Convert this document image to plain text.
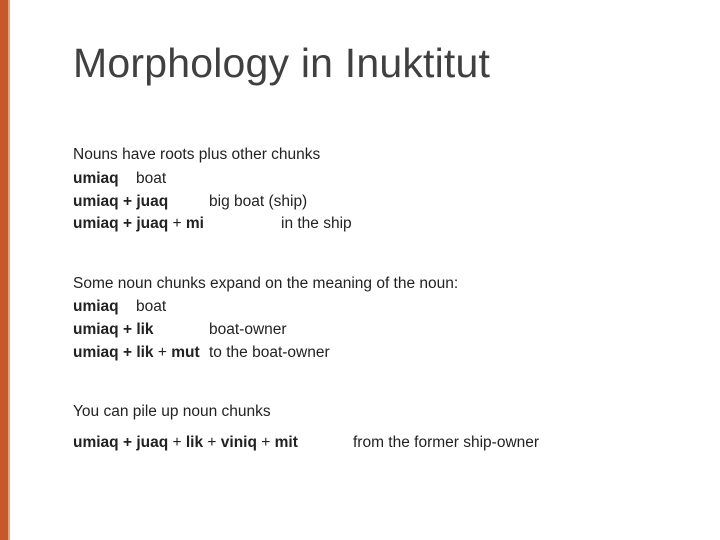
Morphology in Inuktitut
Nouns have roots plus other chunks
umiaq boat
umiaq + juaq	big boat (ship)
umiaq + juaq + mi	in the ship
Some noun chunks expand on the meaning of the noun:
umiaq boat
umiaq + lik	boat-owner
umiaq + lik + mut to the boat-owner
You can pile up noun chunks
umiaq + juaq + lik + viniq + mit	from the former ship-owner
